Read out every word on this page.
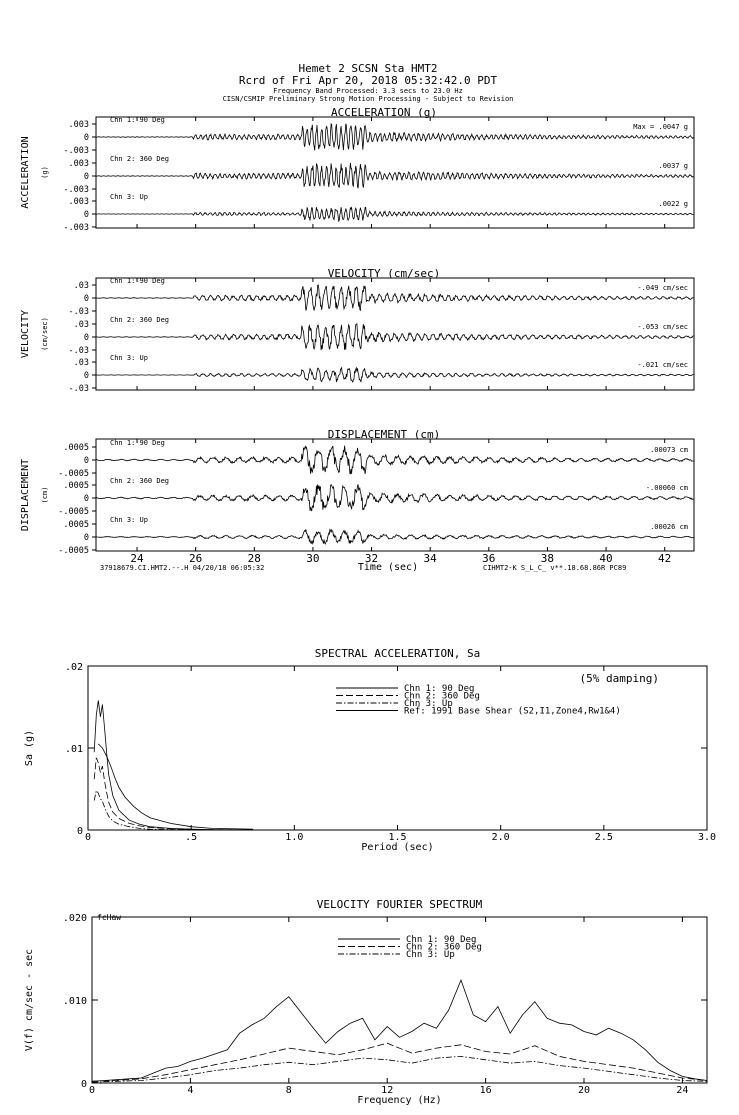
Hemet 2 SCSN Sta HMT2
Rcrd of Fri Apr 20, 2018 05:32:42.0 PDT
Frequency Band Processed: 3.3 secs to 23.0 Hz
CISN/CSMIP Preliminary Strong Motion Processing - Subject to Revision
ACCELERATION (g)
ACCELERATION (g)
.003
0
-.003
Chn 1: 90 Deg
Max = .0047 g
.003
0
-.003
Chn 2: 360 Deg
.0037 g
.003
0
-.003
Chn 3: Up
.0022 g
VELOCITY (cm/sec)
VELOCITY (cm/sec)
.03
0
-.03
Chn 1: 90 Deg
-.049 cm/sec
.03
0
-.03
Chn 2: 360 Deg
-.053 cm/sec
.03
0
-.03
Chn 3: Up
-.021 cm/sec
DISPLACEMENT (cm)
DISPLACEMENT (cm)
.0005
0
-.0005
Chn 1: 90 Deg
.00073 cm
.0005
0
-.0005
Chn 2: 360 Deg
-.00060 cm
.0005
0
-.0005
Chn 3: Up
.00026 cm
24	26	28	30	32	34	36	38	40	42
Time (sec)
37918679.CI.HMT2.--.H 04/20/18 06:05:32	CIHMT2-K S_L_C_ v**.18.68.86R PC89
SPECTRAL ACCELERATION, Sa
Period (sec)
Sa (g)
0	.5	1.0	1.5	2.0	2.5	3.0
0
.01
.02
Chn 1: 90 Deg
Chn 2: 360 Deg
Chn 3: Up
Ref: 1991 Base Shear (S2,I1,Zone4,Rw1&4)
(5% damping)
VELOCITY FOURIER SPECTRUM
Frequency (Hz)
V(f) cm/sec - sec
0	4	8	12	16	20	24
0
.010
.020
Chn 1: 90 Deg
Chn 2: 360 Deg
Chn 3: Up
fcHaw
